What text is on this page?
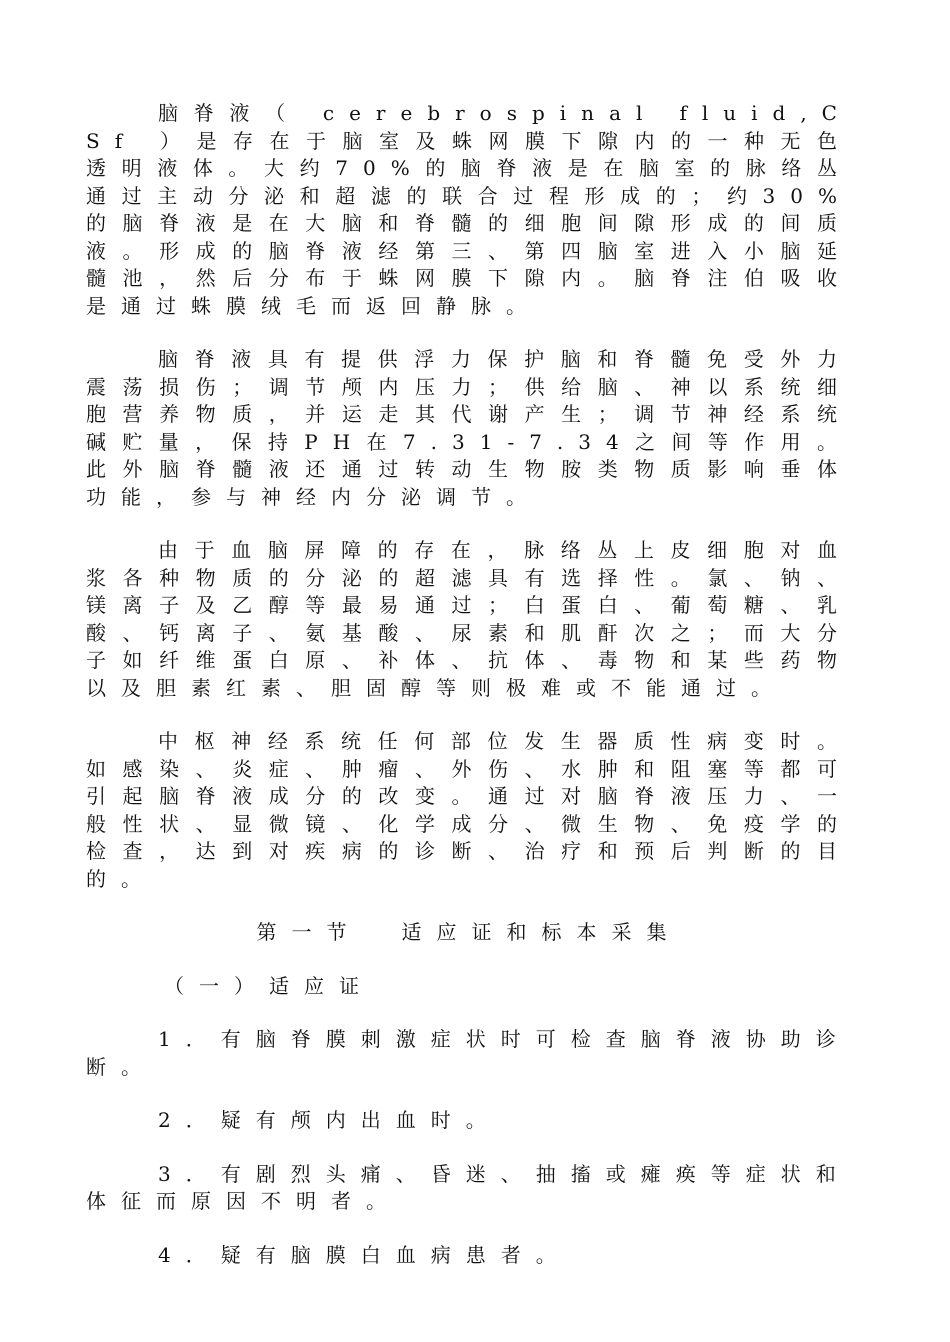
脑脊液（ cerebrospinal fluid,CSf ）是存在于脑室及蛛网膜下隙内的一种无色透明液体。大约70%的脑脊液是在脑室的脉络丛通过主动分泌和超滤的联合过程形成的；约30%的脑脊液是在大脑和脊髓的细胞间隙形成的间质液。形成的脑脊液经第三、第四脑室进入小脑延髓池，然后分布于蛛网膜下隙内。脑脊注伯吸收是通过蛛膜绒毛而返回静脉。

脑脊液具有提供浮力保护脑和脊髓免受外力震荡损伤；调节颅内压力；供给脑、神以系统细胞营养物质，并运走其代谢产生；调节神经系统碱贮量，保持PH在7.31-7.34之间等作用。此外脑脊髓液还通过转动生物胺类物质影响垂体功能，参与神经内分泌调节。

由于血脑屏障的存在，脉络丛上皮细胞对血浆各种物质的分泌的超滤具有选择性。氯、钠、镁离子及乙醇等最易通过；白蛋白、葡萄糖、乳酸、钙离子、氨基酸、尿素和肌酐次之；而大分子如纤维蛋白原、补体、抗体、毒物和某些药物以及胆素红素、胆固醇等则极难或不能通过。

中枢神经系统任何部位发生器质性病变时。如感染、炎症、肿瘤、外伤、水肿和阻塞等都可引起脑脊液成分的改变。通过对脑脊液压力、一般性状、显微镜、化学成分、微生物、免疫学的检查，达到对疾病的诊断、治疗和预后判断的目的。

第一节 适应证和标本采集
（一）适应证

1．有脑脊膜刺激症状时可检查脑脊液协助诊断。

2．疑有颅内出血时。

3．有剧烈头痛、昏迷、抽搐或瘫痪等症状和体征而原因不明者。

4．疑有脑膜白血病患者。
